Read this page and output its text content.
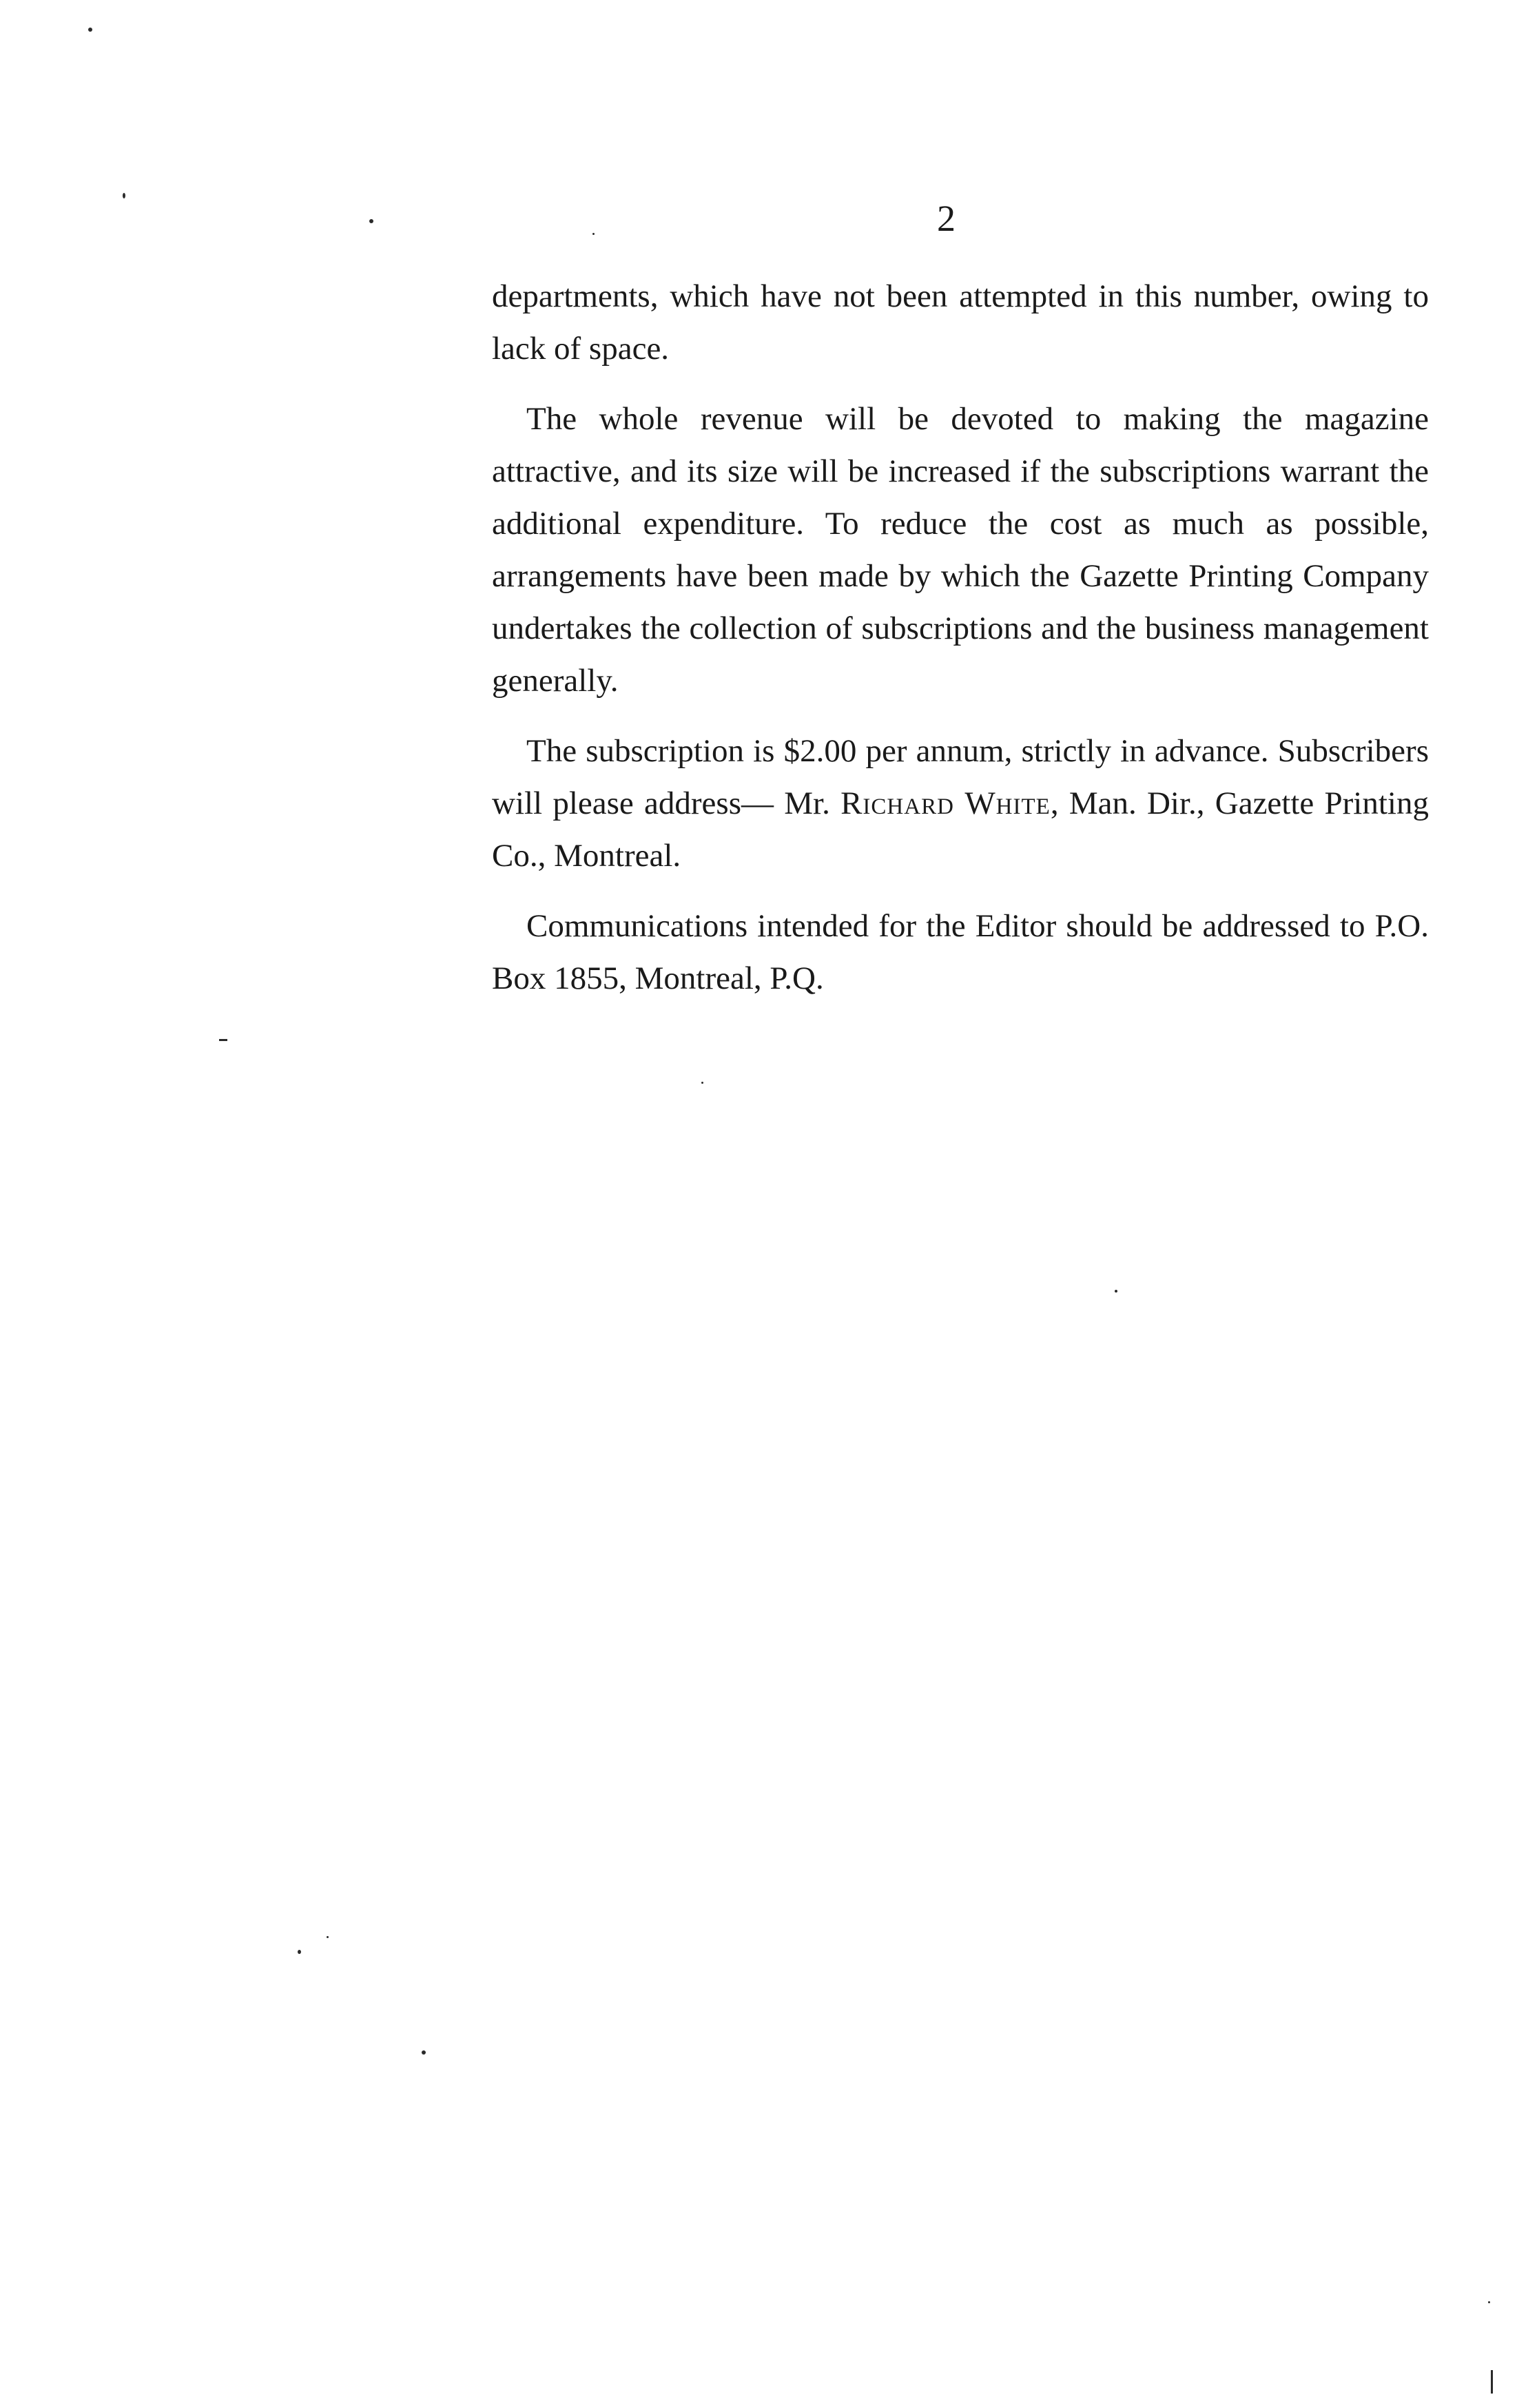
2

departments, which have not been attempted in this number, owing to lack of space.

The whole revenue will be devoted to making the magazine attractive, and its size will be increased if the subscriptions warrant the additional expenditure. To reduce the cost as much as possible, arrangements have been made by which the Gazette Printing Company undertakes the collection of subscriptions and the business management generally.

The subscription is $2.00 per annum, strictly in advance. Subscribers will please address— Mr. Richard White, Man. Dir., Gazette Printing Co., Montreal.

Communications intended for the Editor should be addressed to P.O. Box 1855, Montreal, P.Q.
